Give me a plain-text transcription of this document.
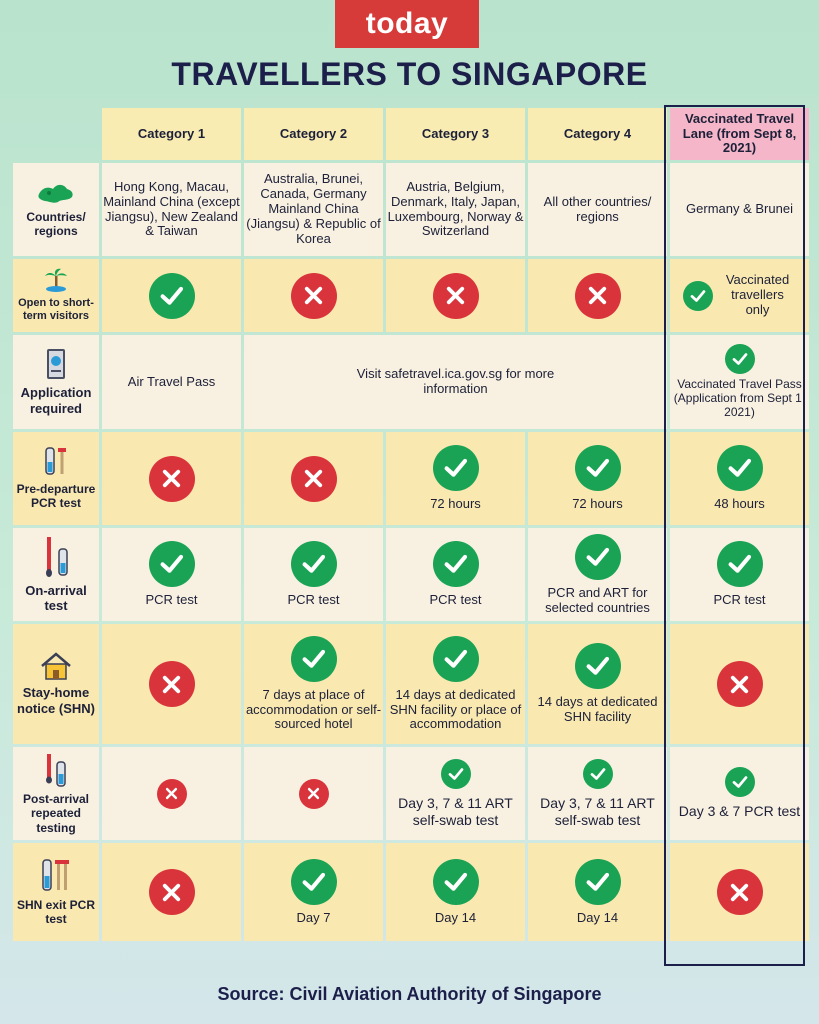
today
TRAVELLERS TO SINGAPORE
	Category 1	Category 2	Category 3	Category 4	Vaccinated Travel Lane (from Sept 8, 2021)

Countries/ regions	Hong Kong, Macau, Mainland China (except Jiangsu), New Zealand & Taiwan	Australia, Brunei, Canada, Germany Mainland China (Jiangsu) & Republic of Korea	Austria, Belgium, Denmark, Italy, Japan, Luxembourg, Norway & Switzerland	All other countries/ regions	Germany & Brunei

Open to short-term visitors					Vaccinated travellers only

Application required	Air Travel Pass	Visit safetravel.ica.gov.sg for more information			Vaccinated Travel Pass (Application from Sept 1, 2021)

Pre-departure PCR test			72 hours	72 hours	48 hours

On-arrival test	PCR test	PCR test	PCR test	PCR and ART for selected countries	PCR test

Stay-home notice (SHN)		7 days at place of accommodation or self-sourced hotel	14 days at dedicated SHN facility or place of accommodation	14 days at dedicated SHN facility

Post-arrival repeated testing			Day 3, 7 & 11 ART self-swab test	Day 3, 7 & 11 ART self-swab test	Day 3 & 7 PCR test

SHN exit PCR test		Day 7	Day 14	Day 14

Source: Civil Aviation Authority of Singapore
